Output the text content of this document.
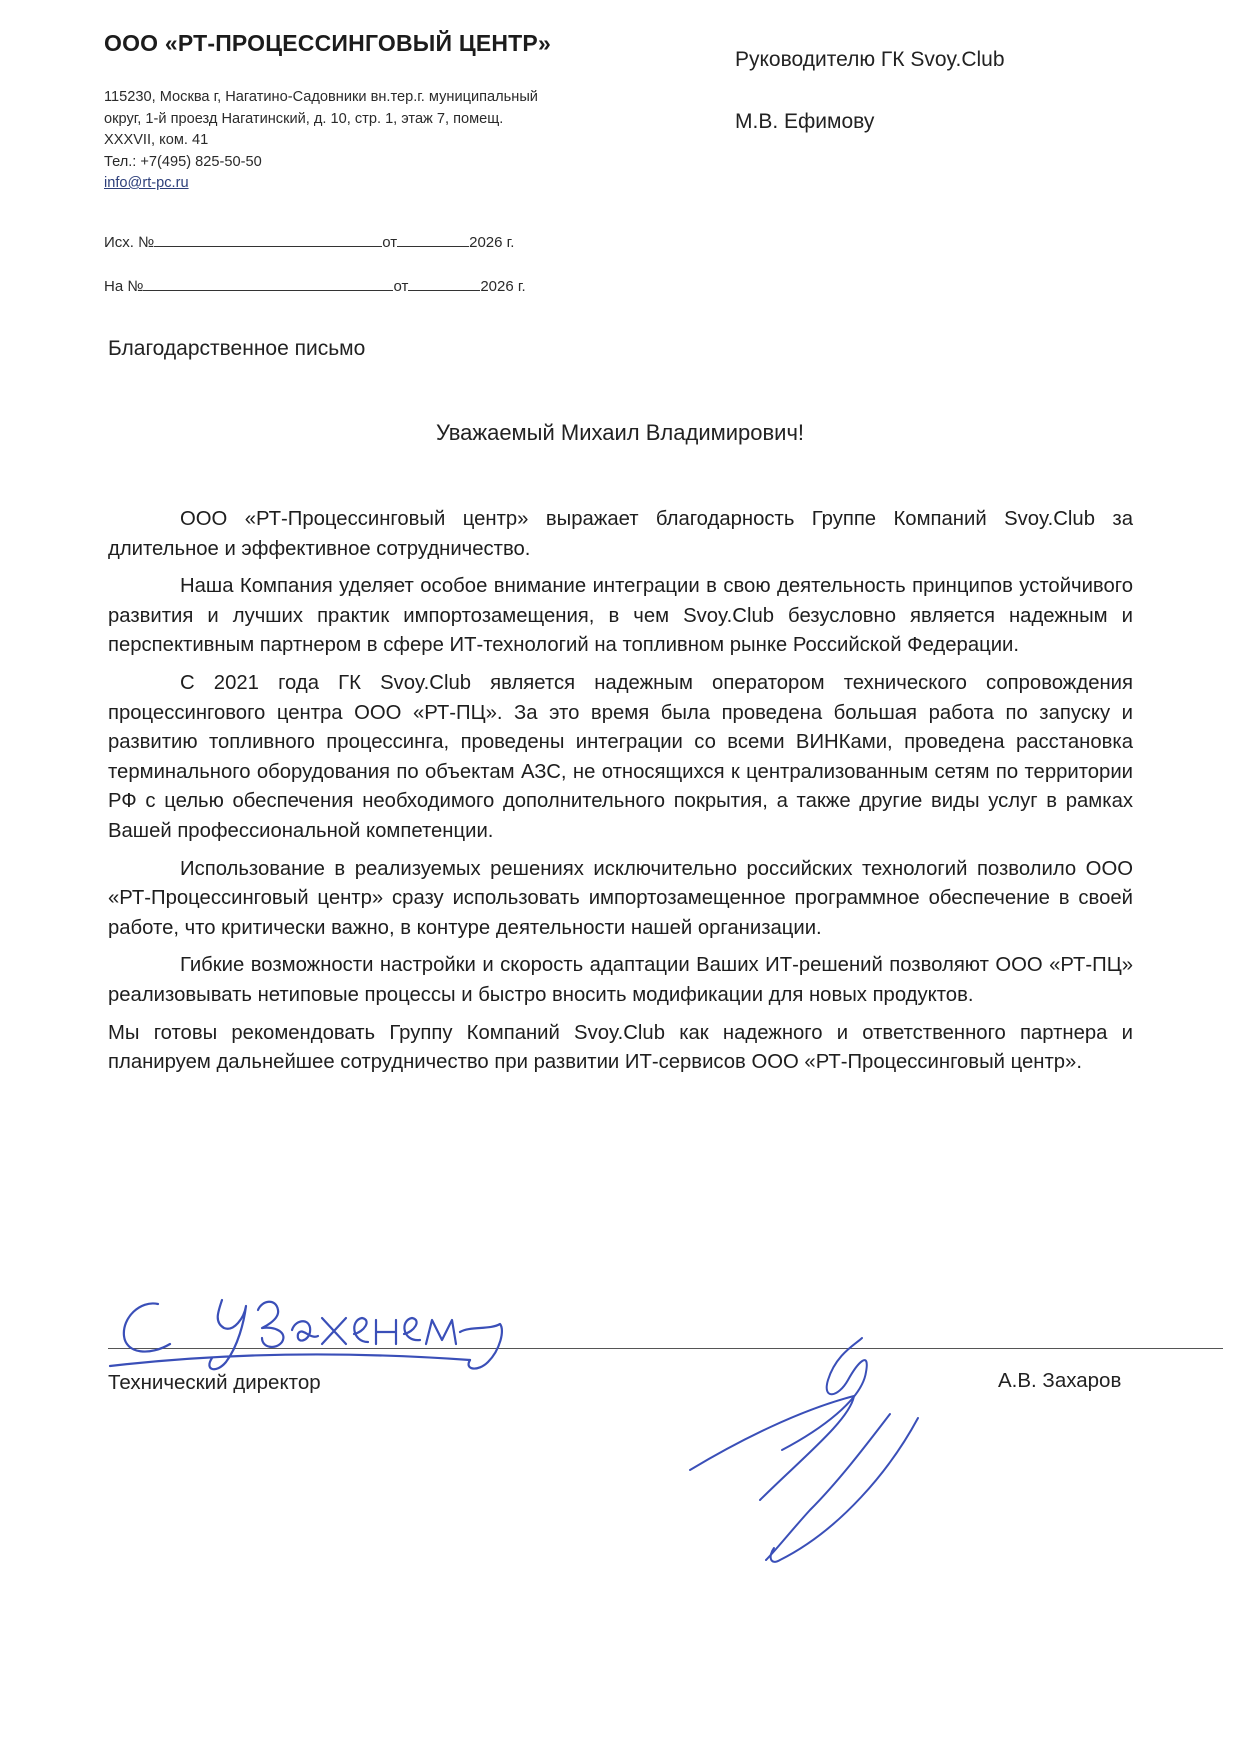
ООО «РТ-ПРОЦЕССИНГОВЫЙ ЦЕНТР»
115230, Москва г, Нагатино-Садовники вн.тер.г. муниципальный
округ, 1-й проезд Нагатинский, д. 10, стр. 1, этаж 7, помещ.
XXXVII, ком. 41
Тел.: +7(495) 825-50-50
info@rt-pc.ru
Руководителю ГК Svoy.Club
М.В. Ефимову
Исх. №	от	2026 г.
На №	от	2026 г.
Благодарственное письмо
Уважаемый Михаил Владимирович!

ООО «РТ-Процессинговый центр» выражает благодарность Группе Компаний Svoy.Club за длительное и эффективное сотрудничество.

Наша Компания уделяет особое внимание интеграции в свою деятельность принципов устойчивого развития и лучших практик импортозамещения, в чем Svoy.Club безусловно является надежным и перспективным партнером в сфере ИТ-технологий на топливном рынке Российской Федерации.

С 2021 года ГК Svoy.Club является надежным оператором технического сопровождения процессингового центра ООО «РТ-ПЦ». За это время была проведена большая работа по запуску и развитию топливного процессинга, проведены интеграции со всеми ВИНКами, проведена расстановка терминального оборудования по объектам АЗС, не относящихся к централизованным сетям по территории РФ с целью обеспечения необходимого дополнительного покрытия, а также другие виды услуг в рамках Вашей профессиональной компетенции.

Использование в реализуемых решениях исключительно российских технологий позволило ООО «РТ-Процессинговый центр» сразу использовать импортозамещенное программное обеспечение в своей работе, что критически важно, в контуре деятельности нашей организации.

Гибкие возможности настройки и скорость адаптации Ваших ИТ-решений позволяют ООО «РТ-ПЦ» реализовывать нетиповые процессы и быстро вносить модификации для новых продуктов.

Мы готовы рекомендовать Группу Компаний Svoy.Club как надежного и ответственного партнера и планируем дальнейшее сотрудничество при развитии ИТ-сервисов ООО «РТ-Процессинговый центр».

Технический директор	А.В. Захаров
